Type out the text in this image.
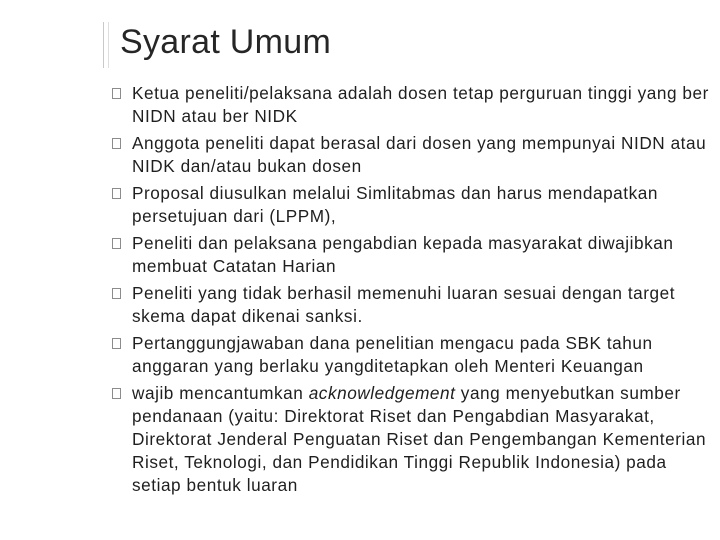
Syarat Umum
Ketua peneliti/pelaksana adalah dosen tetap perguruan tinggi yang ber NIDN atau ber NIDK
Anggota peneliti dapat berasal dari dosen yang mempunyai NIDN atau NIDK dan/atau bukan dosen
Proposal diusulkan melalui Simlitabmas dan harus mendapatkan persetujuan dari (LPPM),
Peneliti dan pelaksana pengabdian kepada masyarakat diwajibkan membuat Catatan Harian
Peneliti yang tidak berhasil memenuhi luaran sesuai dengan target skema dapat dikenai sanksi.
Pertanggungjawaban dana penelitian mengacu pada SBK tahun anggaran yang berlaku yangditetapkan oleh Menteri Keuangan
wajib mencantumkan acknowledgement yang menyebutkan sumber pendanaan (yaitu: Direktorat Riset dan Pengabdian Masyarakat, Direktorat Jenderal Penguatan Riset dan Pengembangan Kementerian Riset, Teknologi, dan Pendidikan Tinggi Republik Indonesia) pada setiap bentuk luaran
